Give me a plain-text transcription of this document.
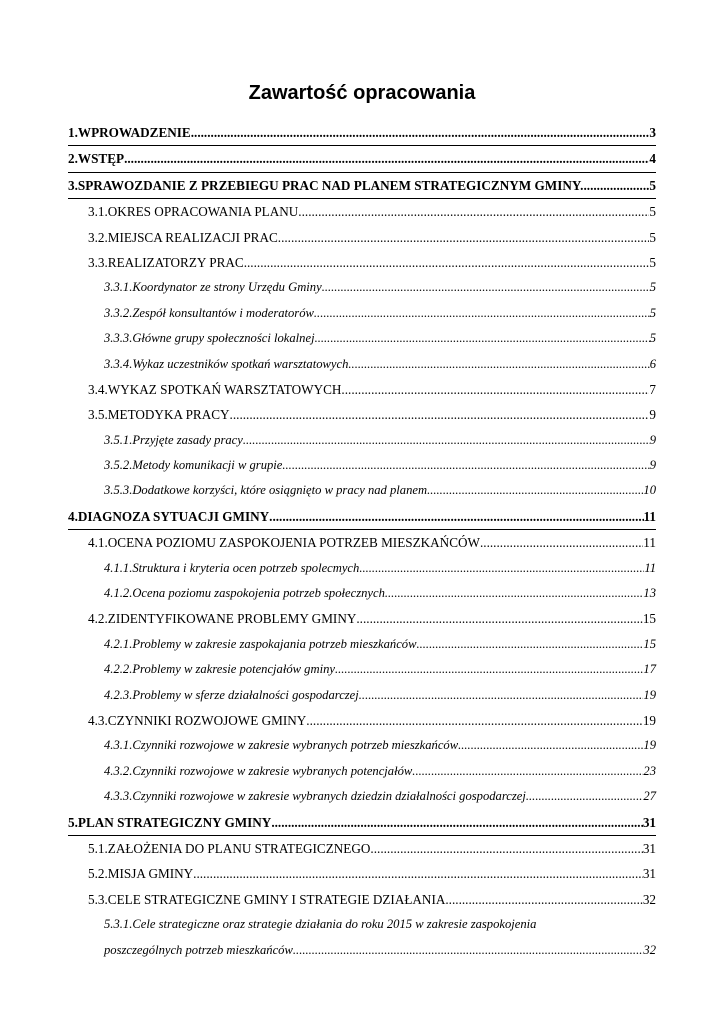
Zawartość opracowania
1.WPROWADZENIE .....	3
2.WSTĘP .....	4
3.SPRAWOZDANIE Z PRZEBIEGU PRAC NAD PLANEM STRATEGICZNYM GMINY. .....	5
3.1.OKRES OPRACOWANIA PLANU .....	5
3.2.MIEJSCA REALIZACJI PRAC .....	5
3.3.REALIZATORZY PRAC .....	5
3.3.1.Koordynator ze strony Urzędu Gminy .....	5
3.3.2.Zespół konsultantów i moderatorów .....	5
3.3.3.Główne grupy społeczności lokalnej .....	5
3.3.4.Wykaz uczestników spotkań warsztatowych .....	6
3.4.WYKAZ SPOTKAŃ WARSZTATOWYCH .....	7
3.5.METODYKA PRACY .....	9
3.5.1.Przyjęte zasady pracy .....	9
3.5.2.Metody komunikacji w grupie .....	9
3.5.3.Dodatkowe korzyści, które osiągnięto w pracy nad planem .....	10
4.DIAGNOZA SYTUACJI GMINY .....	11
4.1.OCENA POZIOMU ZASPOKOJENIA POTRZEB MIESZKAŃCÓW .....	11
4.1.1.Struktura i kryteria ocen potrzeb spolecmych .....	11
4.1.2.Ocena poziomu zaspokojenia potrzeb społecznych .....	13
4.2.ZIDENTYFIKOWANE PROBLEMY GMINY .....	15
4.2.1.Problemy w zakresie zaspokajania potrzeb mieszkańców .....	15
4.2.2.Problemy w zakresie potencjałów gminy .....	17
4.2.3.Problemy w sferze działalności gospodarczej .....	19
4.3.CZYNNIKI ROZWOJOWE GMINY .....	19
4.3.1.Czynniki rozwojowe w zakresie wybranych potrzeb mieszkańców .....	19
4.3.2.Czynniki rozwojowe w zakresie wybranych potencjałów .....	23
4.3.3.Czynniki rozwojowe w zakresie wybranych dziedzin działalności gospodarczej .....	27
5.PLAN STRATEGICZNY GMINY .....	31
5.1.ZAŁOŻENIA DO PLANU STRATEGICZNEGO .....	31
5.2.MISJA GMINY .....	31
5.3.CELE STRATEGICZNE GMINY I STRATEGIE DZIAŁANIA .....	32
5.3.1.Cele strategiczne oraz strategie działania do roku 2015 w zakresie zaspokojenia
poszczególnych potrzeb mieszkańców .....	32
